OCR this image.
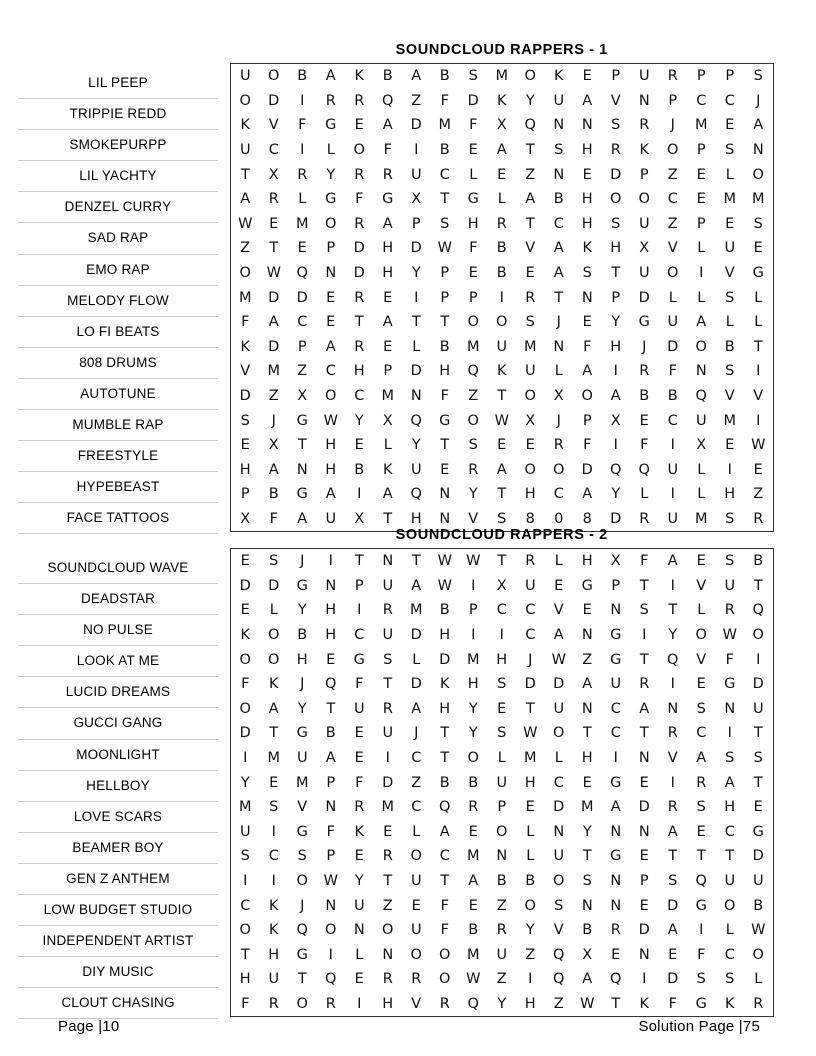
LIL PEEP
TRIPPIE REDD
SMOKEPURPP
LIL YACHTY
DENZEL CURRY
SAD RAP
EMO RAP
MELODY FLOW
LO FI BEATS
808 DRUMS
AUTOTUNE
MUMBLE RAP
FREESTYLE
HYPEBEAST
FACE TATTOOS
SOUNDCLOUD RAPPERS - 1
U	O	B	A	K	B	A	B	S	M	O	K	E	P	U	R	P	P	S
O	D	I	R	R	Q	Z	F	D	K	Y	U	A	V	N	P	C	C	J
K	V	F	G	E	A	D	M	F	X	Q	N	N	S	R	J	M	E	A
U	C	I	L	O	F	I	B	E	A	T	S	H	R	K	O	P	S	N
T	X	R	Y	R	R	U	C	L	E	Z	N	E	D	P	Z	E	L	O
A	R	L	G	F	G	X	T	G	L	A	B	H	O	O	C	E	M	M
W	E	M	O	R	A	P	S	H	R	T	C	H	S	U	Z	P	E	S
Z	T	E	P	D	H	D	W	F	B	V	A	K	H	X	V	L	U	E
O	W	Q	N	D	H	Y	P	E	B	E	A	S	T	U	O	I	V	G
M	D	D	E	R	E	I	P	P	I	R	T	N	P	D	L	L	S	L
F	A	C	E	T	A	T	T	O	O	S	J	E	Y	G	U	A	L	L
K	D	P	A	R	E	L	B	M	U	M	N	F	H	J	D	O	B	T
V	M	Z	C	H	P	D	H	Q	K	U	L	A	I	R	F	N	S	I
D	Z	X	O	C	M	N	F	Z	T	O	X	O	A	B	B	Q	V	V
S	J	G	W	Y	X	Q	G	O	W	X	J	P	X	E	C	U	M	I
E	X	T	H	E	L	Y	T	S	E	E	R	F	I	F	I	X	E	W
H	A	N	H	B	K	U	E	R	A	O	O	D	Q	Q	U	L	I	E
P	B	G	A	I	A	Q	N	Y	T	H	C	A	Y	L	I	L	H	Z
X	F	A	U	X	T	H	N	V	S	8	0	8	D	R	U	M	S	R
SOUNDCLOUD WAVE
DEADSTAR
NO PULSE
LOOK AT ME
LUCID DREAMS
GUCCI GANG
MOONLIGHT
HELLBOY
LOVE SCARS
BEAMER BOY
GEN Z ANTHEM
LOW BUDGET STUDIO
INDEPENDENT ARTIST
DIY MUSIC
CLOUT CHASING
SOUNDCLOUD RAPPERS - 2
E	S	J	I	T	N	T	W	W	T	R	L	H	X	F	A	E	S	B
D	D	G	N	P	U	A	W	I	X	U	E	G	P	T	I	V	U	T
E	L	Y	H	I	R	M	B	P	C	C	V	E	N	S	T	L	R	Q
K	O	B	H	C	U	D	H	I	I	C	A	N	G	I	Y	O	W	O
O	O	H	E	G	S	L	D	M	H	J	W	Z	G	T	Q	V	F	I
F	K	J	Q	F	T	D	K	H	S	D	D	A	U	R	I	E	G	D
O	A	Y	T	U	R	A	H	Y	E	T	U	N	C	A	N	S	N	U
D	T	G	B	E	U	J	T	Y	S	W	O	T	C	T	R	C	I	T
I	M	U	A	E	I	C	T	O	L	M	L	H	I	N	V	A	S	S
Y	E	M	P	F	D	Z	B	B	U	H	C	E	G	E	I	R	A	T
M	S	V	N	R	M	C	Q	R	P	E	D	M	A	D	R	S	H	E
U	I	G	F	K	E	L	A	E	O	L	N	Y	N	N	A	E	C	G
S	C	S	P	E	R	O	C	M	N	L	U	T	G	E	T	T	T	D
I	I	O	W	Y	T	U	T	A	B	B	O	S	N	P	S	Q	U	U
C	K	J	N	U	Z	E	F	E	Z	O	S	N	N	E	D	G	O	B
O	K	Q	O	N	O	U	F	B	R	Y	V	B	R	D	A	I	L	W
T	H	G	I	L	N	O	O	M	U	Z	Q	X	E	N	E	F	C	O
H	U	T	Q	E	R	R	O	W	Z	I	Q	A	Q	I	D	S	S	L
F	R	O	R	I	H	V	R	Q	Y	H	Z	W	T	K	F	G	K	R
Page |10	Solution Page |75
